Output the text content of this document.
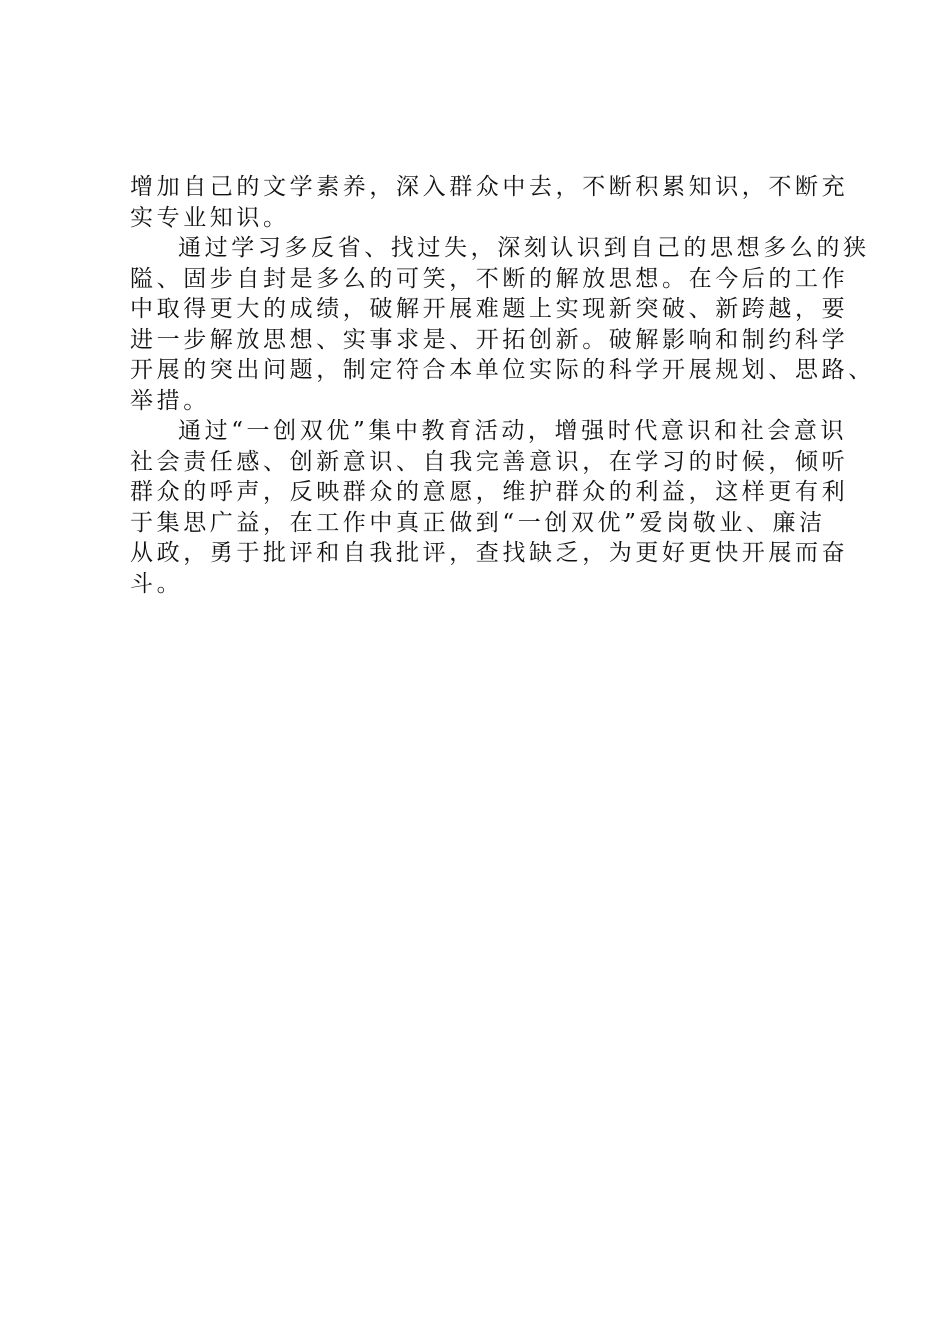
增加自己的文学素养，深入群众中去，不断积累知识，不断充
实专业知识。
通过学习多反省、找过失，深刻认识到自己的思想多么的狭
隘、固步自封是多么的可笑，不断的解放思想。在今后的工作
中取得更大的成绩，破解开展难题上实现新突破、新跨越，要
进一步解放思想、实事求是、开拓创新。破解影响和制约科学
开展的突出问题，制定符合本单位实际的科学开展规划、思路、
举措。
通过“一创双优”集中教育活动，增强时代意识和社会意识
社会责任感、创新意识、自我完善意识，在学习的时候，倾听
群众的呼声，反映群众的意愿，维护群众的利益，这样更有利
于集思广益，在工作中真正做到“一创双优”爱岗敬业、廉洁
从政，勇于批评和自我批评，查找缺乏，为更好更快开展而奋
斗。
